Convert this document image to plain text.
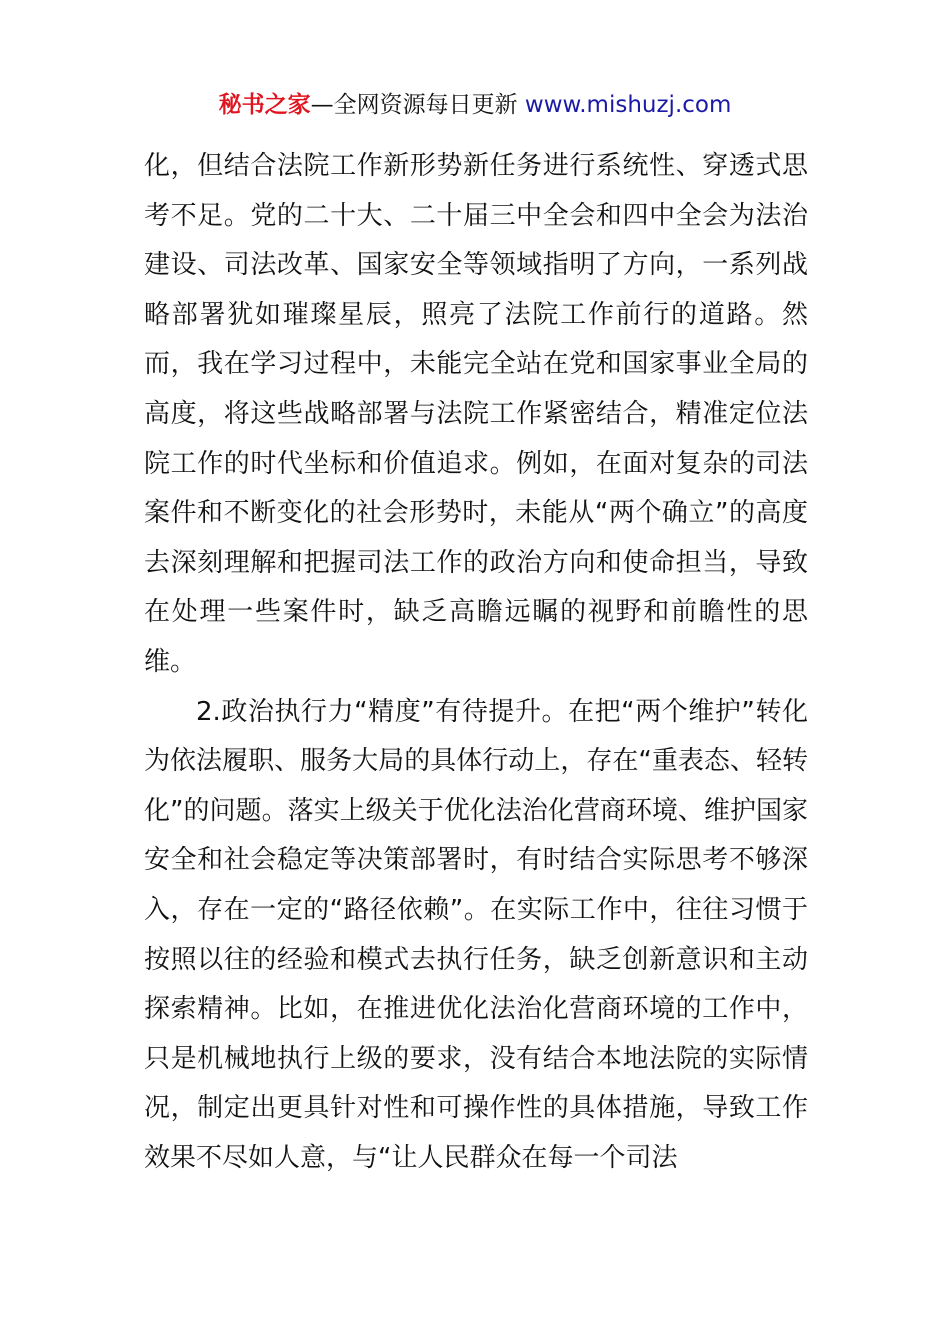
秘书之家—全网资源每日更新 www.mishuzj.com

化，但结合法院工作新形势新任务进行系统性、穿透式思考不足。党的二十大、二十届三中全会和四中全会为法治建设、司法改革、国家安全等领域指明了方向，一系列战略部署犹如璀璨星辰，照亮了法院工作前行的道路。然而，我在学习过程中，未能完全站在党和国家事业全局的高度，将这些战略部署与法院工作紧密结合，精准定位法院工作的时代坐标和价值追求。例如，在面对复杂的司法案件和不断变化的社会形势时，未能从“两个确立”的高度去深刻理解和把握司法工作的政治方向和使命担当，导致在处理一些案件时，缺乏高瞻远瞩的视野和前瞻性的思维。

2.政治执行力“精度”有待提升。在把“两个维护”转化为依法履职、服务大局的具体行动上，存在“重表态、轻转化”的问题。落实上级关于优化法治化营商环境、维护国家安全和社会稳定等决策部署时，有时结合实际思考不够深入，存在一定的“路径依赖”。在实际工作中，往往习惯于按照以往的经验和模式去执行任务，缺乏创新意识和主动探索精神。比如，在推进优化法治化营商环境的工作中，只是机械地执行上级的要求，没有结合本地法院的实际情况，制定出更具针对性和可操作性的具体措施，导致工作效果不尽如人意，与“让人民群众在每一个司法
